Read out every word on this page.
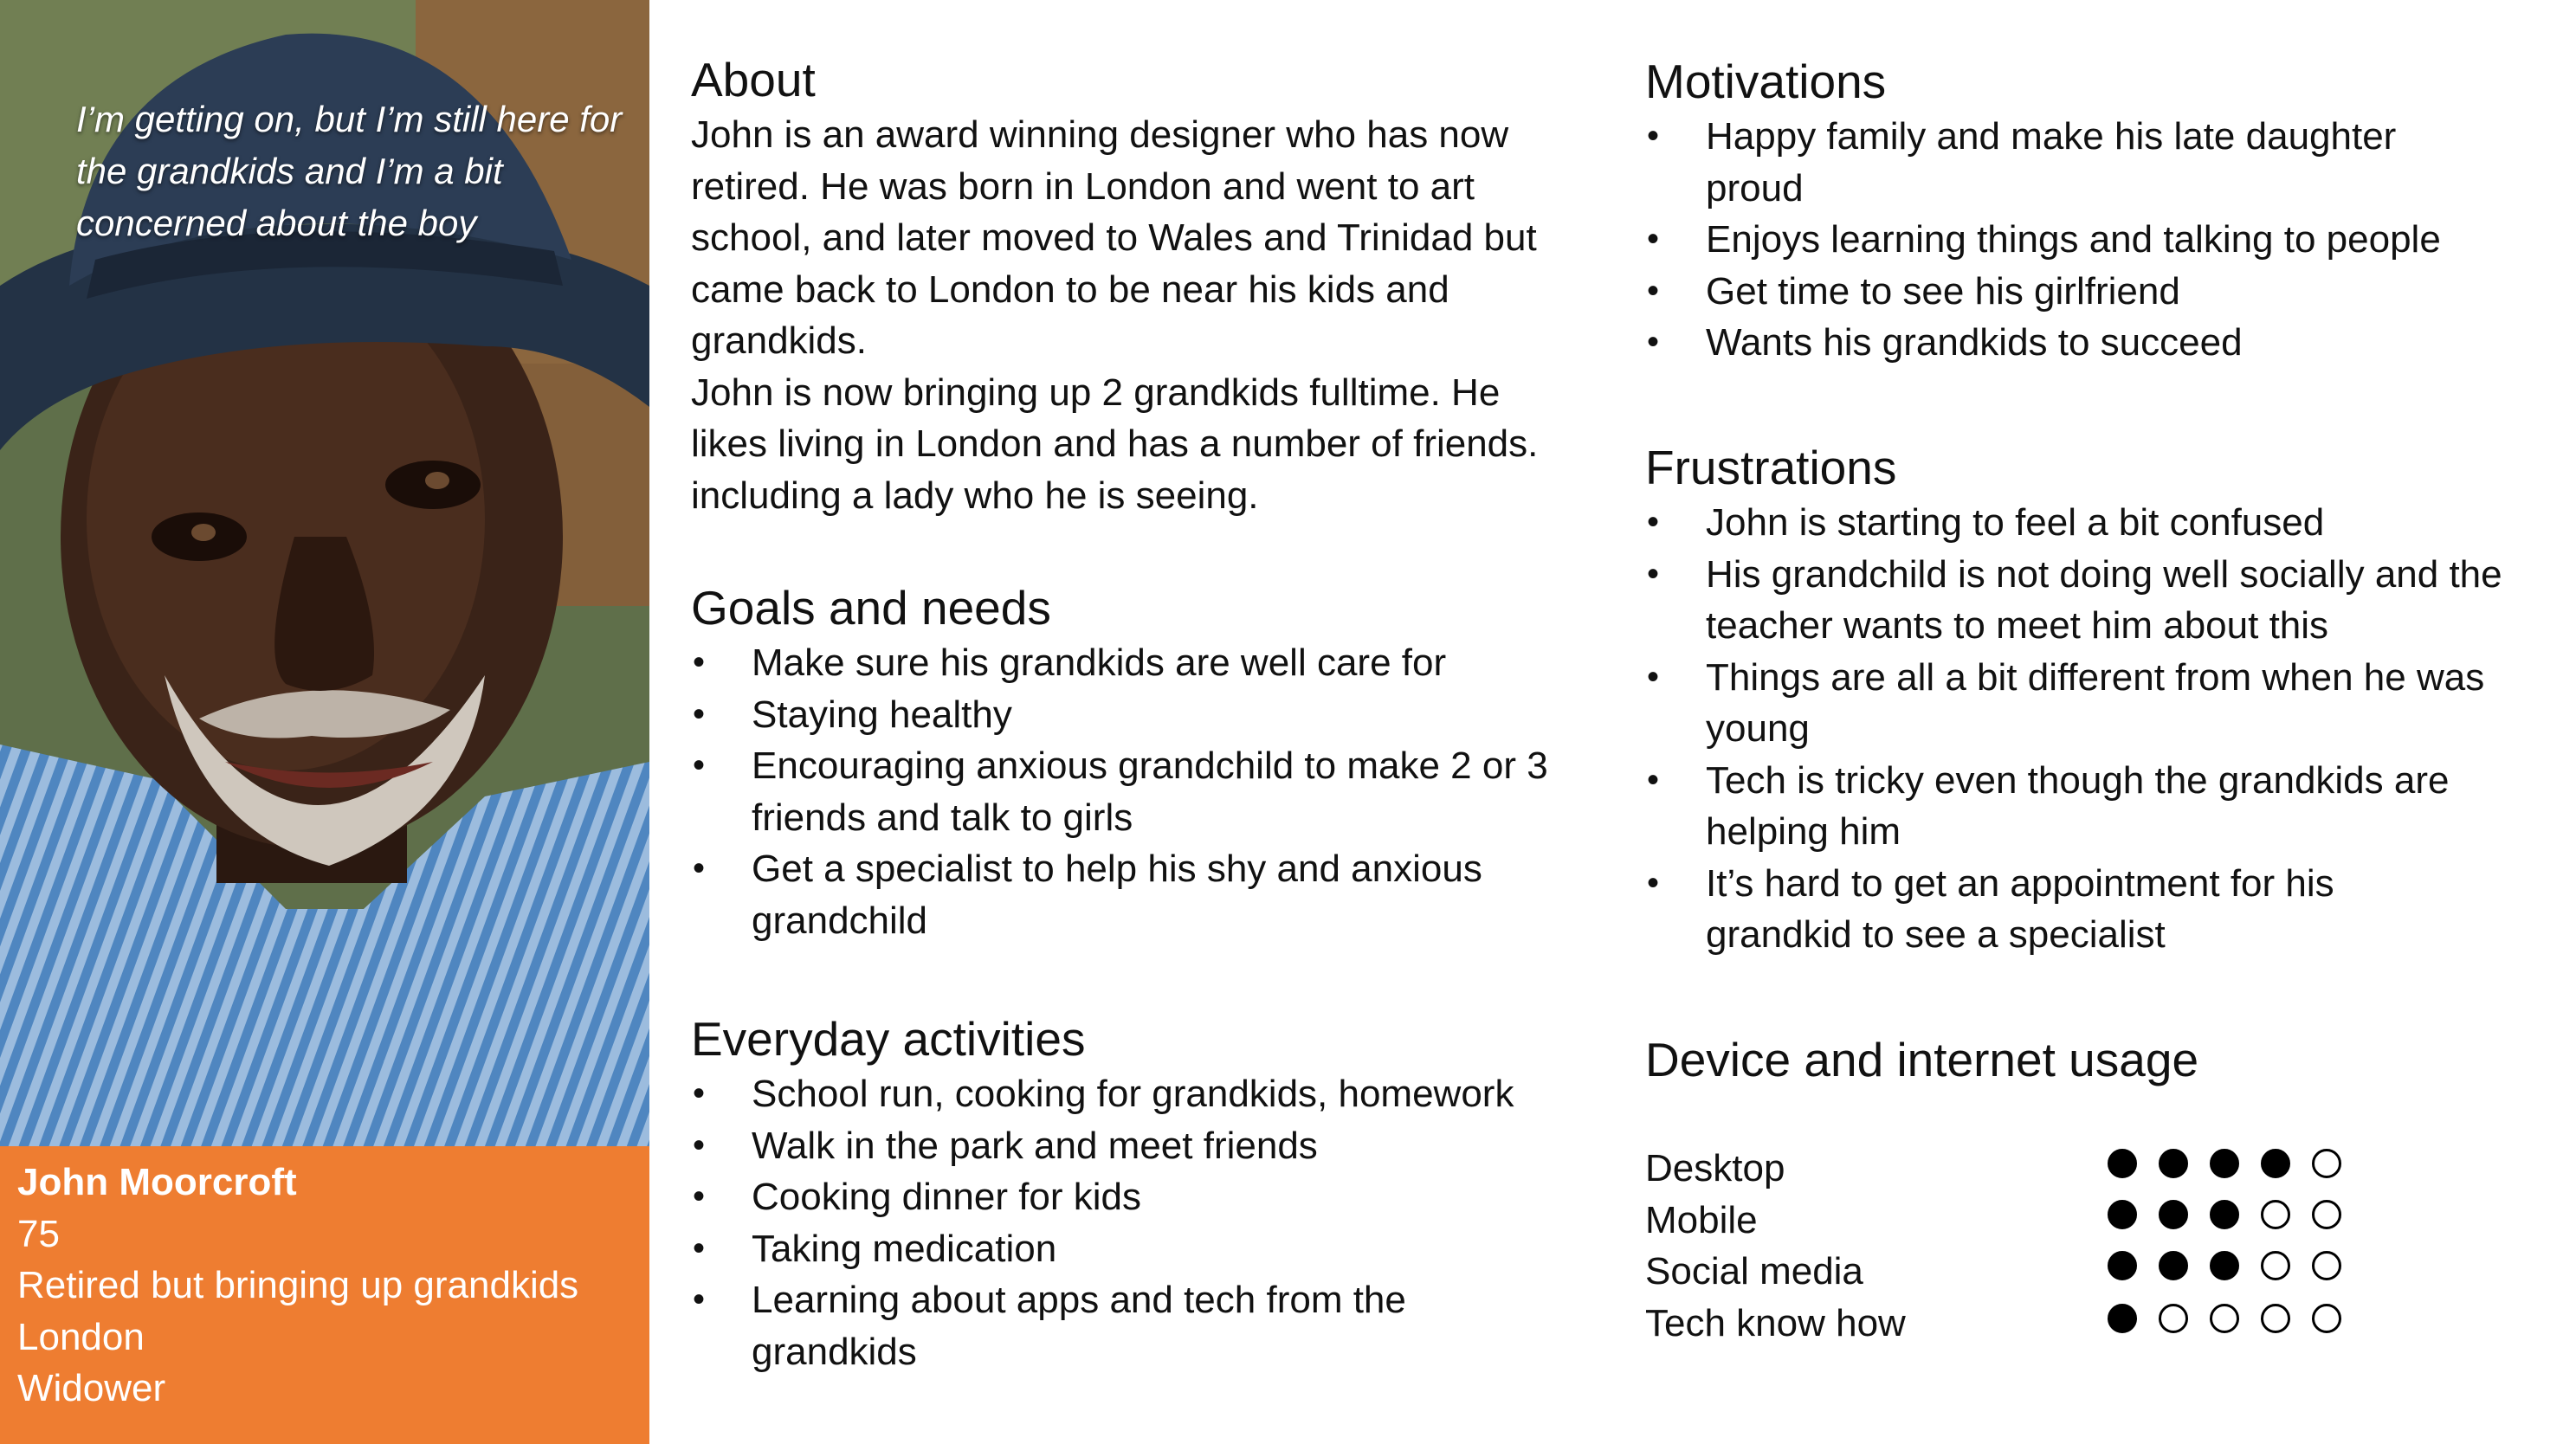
I’m getting on, but I’m still here for the grandkids and I’m a bit concerned about the boy
John Moorcroft
75
Retired but bringing up grandkids
London
Widower
About
John is an award winning designer who has now
retired. He was born in London and went to art
school, and later moved to Wales and Trinidad but
came back to London to be near his kids and
grandkids.
John is now bringing up 2 grandkids fulltime. He
likes living in London and has a number of friends.
including a lady who he is seeing.
Goals and needs
• Make sure his grandkids are well care for
• Staying healthy
• Encouraging anxious grandchild to make 2 or 3
friends and talk to girls
• Get a specialist to help his shy and anxious
grandchild
Everyday activities
• School run, cooking for grandkids, homework
• Walk in the park and meet friends
• Cooking dinner for kids
• Taking medication
• Learning about apps and tech from the
grandkids
Motivations
• Happy family and make his late daughter
proud
• Enjoys learning things and talking to people
• Get time to see his girlfriend
• Wants his grandkids to succeed
Frustrations
• John is starting to feel a bit confused
• His grandchild is not doing well socially and the
teacher wants to meet him about this
• Things are all a bit different from when he was
young
• Tech is tricky even though the grandkids are
helping him
• It’s hard to get an appointment for his
grandkid to see a specialist
Device and internet usage
Desktop
Mobile
Social media
Tech know how
